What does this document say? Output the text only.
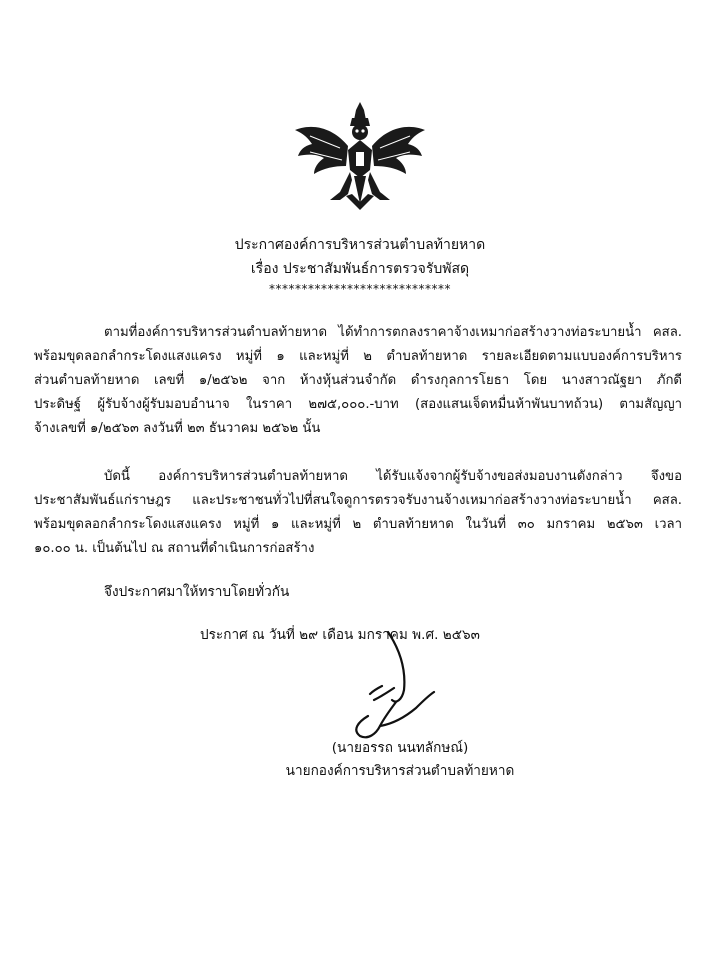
ประกาศองค์การบริหารส่วนตำบลท้ายหาด
เรื่อง ประชาสัมพันธ์การตรวจรับพัสดุ
****************************
ตามที่องค์การบริหารส่วนตำบลท้ายหาด ได้ทำการตกลงราคาจ้างเหมาก่อสร้างวางท่อระบายน้ำ คสล.
พร้อมขุดลอกลำกระโดงแสงแครง หมู่ที่ ๑ และหมู่ที่ ๒ ตำบลท้ายหาด รายละเอียดตามแบบองค์การบริหาร
ส่วนตำบลท้ายหาด เลขที่ ๑/๒๕๖๒ จาก ห้างหุ้นส่วนจำกัด ดำรงกุลการโยธา โดย นางสาวณัฐยา ภักดี
ประดิษฐ์ ผู้รับจ้างผู้รับมอบอำนาจ ในราคา ๒๗๕,๐๐๐.-บาท (สองแสนเจ็ดหมื่นห้าพันบาทถ้วน) ตามสัญญา
จ้างเลขที่ ๑/๒๕๖๓ ลงวันที่ ๒๓ ธันวาคม ๒๕๖๒ นั้น
บัดนี้ องค์การบริหารส่วนตำบลท้ายหาด ได้รับแจ้งจากผู้รับจ้างขอส่งมอบงานดังกล่าว จึงขอ
ประชาสัมพันธ์แก่ราษฎร และประชาชนทั่วไปที่สนใจดูการตรวจรับงานจ้างเหมาก่อสร้างวางท่อระบายน้ำ คสล.
พร้อมขุดลอกลำกระโดงแสงแครง หมู่ที่ ๑ และหมู่ที่ ๒ ตำบลท้ายหาด ในวันที่ ๓๐ มกราคม ๒๕๖๓ เวลา
๑๐.๐๐ น. เป็นต้นไป ณ สถานที่ดำเนินการก่อสร้าง
จึงประกาศมาให้ทราบโดยทั่วกัน
ประกาศ ณ วันที่ ๒๙ เดือน มกราคม พ.ศ. ๒๕๖๓
(นายอรรถ นนทลักษณ์)
นายกองค์การบริหารส่วนตำบลท้ายหาด
